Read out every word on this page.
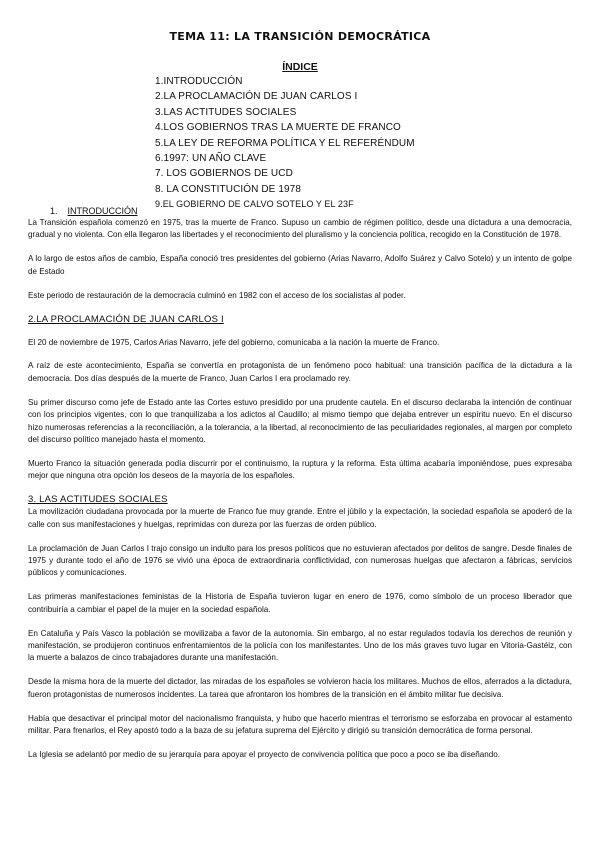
TEMA 11: LA TRANSICIÓN DEMOCRÁTICA
ÍNDICE
1.INTRODUCCIÓN
2.LA PROCLAMACIÓN DE JUAN CARLOS I
3.LAS ACTITUDES SOCIALES
4.LOS GOBIERNOS TRAS LA MUERTE DE FRANCO
5.LA LEY DE REFORMA POLÍTICA Y EL REFERÉNDUM
6.1997: UN AÑO CLAVE
7. LOS GOBIERNOS DE UCD
8. LA CONSTITUCIÓN DE 1978
9.EL GOBIERNO DE CALVO SOTELO Y EL 23F
1. INTRODUCCIÓN

La Transición española comenzó en 1975, tras la muerte de Franco. Supuso un cambio de régimen político, desde una dictadura a una democracia, gradual y no violenta. Con ella llegaron las libertades y el reconocimiento del pluralismo y la conciencia política, recogido en la Constitución de 1978.

A lo largo de estos años de cambio, España conoció tres presidentes del gobierno (Arias Navarro, Adolfo Suárez y Calvo Sotelo) y un intento de golpe de Estado

Este periodo de restauración de la democracia culminó en 1982 con el acceso de los socialistas al poder.

2.LA PROCLAMACIÓN DE JUAN CARLOS I

El 20 de noviembre de 1975, Carlos Arias Navarro, jefe del gobierno, comunicaba a la nación la muerte de Franco.

A raíz de este acontecimiento, España se convertía en protagonista de un fenómeno poco habitual: una transición pacífica de la dictadura a la democracia. Dos días después de la muerte de Franco, Juan Carlos I era proclamado rey.

Su primer discurso como jefe de Estado ante las Cortes estuvo presidido por una prudente cautela. En el discurso declaraba la intención de continuar con los principios vigentes, con lo que tranquilizaba a los adictos al Caudillo; al mismo tiempo que dejaba entrever un espíritu nuevo. En el discurso hizo numerosas referencias a la reconciliación, a la tolerancia, a la libertad, al reconocimiento de las peculiaridades regionales, al margen por completo del discurso político manejado hasta el momento.

Muerto Franco la situación generada podía discurrir por el continuismo, la ruptura y la reforma. Esta última acabaría imponiéndose, pues expresaba mejor que ninguna otra opción los deseos de la mayoría de los españoles.

3. LAS ACTITUDES SOCIALES

La movilización ciudadana provocada por la muerte de Franco fue muy grande. Entre el júbilo y la expectación, la sociedad española se apoderó de la calle con sus manifestaciones y huelgas, reprimidas con dureza por las fuerzas de orden público.

La proclamación de Juan Carlos I trajo consigo un indulto para los presos políticos que no estuvieran afectados por delitos de sangre. Desde finales de 1975 y durante todo el año de 1976 se vivió una época de extraordinaria conflictividad, con numerosas huelgas que afectaron a fábricas, servicios públicos y comunicaciones.

Las primeras manifestaciones feministas de la Historia de España tuvieron lugar en enero de 1976, como símbolo de un proceso liberador que contribuiría a cambiar el papel de la mujer en la sociedad española.

En Cataluña y País Vasco la población se movilizaba a favor de la autonomía. Sin embargo, al no estar regulados todavía los derechos de reunión y manifestación, se produjeron continuos enfrentamientos de la policía con los manifestantes. Uno de los más graves tuvo lugar en Vitoria-Gastéiz, con la muerte a balazos de cinco trabajadores durante una manifestación.

Desde la misma hora de la muerte del dictador, las miradas de los españoles se volvieron hacia los militares. Muchos de ellos, aferrados a la dictadura, fueron protagonistas de numerosos incidentes. La tarea que afrontaron los hombres de la transición en el ámbito militar fue decisiva.

Había que desactivar el principal motor del nacionalismo franquista, y hubo que hacerlo mientras el terrorismo se esforzaba en provocar al estamento militar. Para frenarlos, el Rey apostó todo a la baza de su jefatura suprema del Ejército y dirigió su transición democrática de forma personal.

La Iglesia se adelantó por medio de su jerarquía para apoyar el proyecto de convivencia política que poco a poco se iba diseñando.
